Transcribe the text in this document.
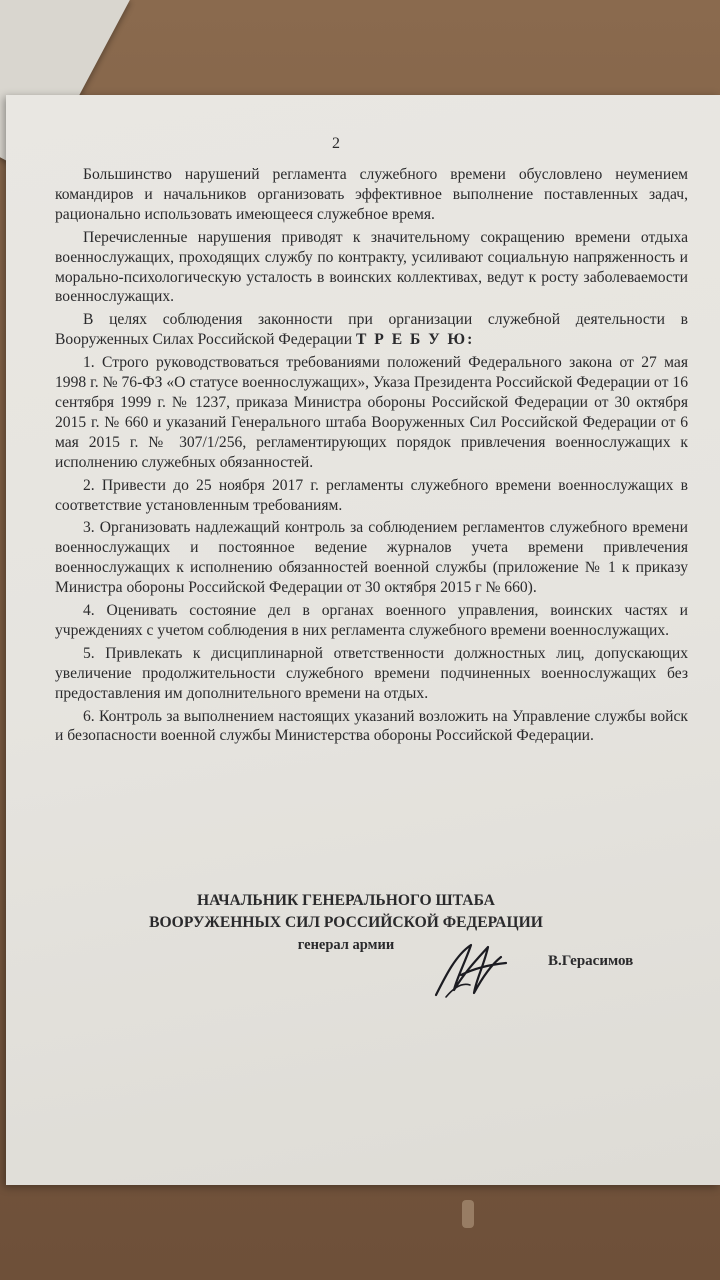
2

Большинство нарушений регламента служебного времени обусловлено неумением командиров и начальников организовать эффективное выполнение поставленных задач, рационально использовать имеющееся служебное время.

Перечисленные нарушения приводят к значительному сокращению времени отдыха военнослужащих, проходящих службу по контракту, усиливают социальную напряженность и морально-психологическую усталость в воинских коллективах, ведут к росту заболеваемости военнослужащих.

В целях соблюдения законности при организации служебной деятельности в Вооруженных Силах Российской Федерации Т Р Е Б У Ю:

1. Строго руководствоваться требованиями положений Федерального закона от 27 мая 1998 г. № 76-ФЗ «О статусе военнослужащих», Указа Президента Российской Федерации от 16 сентября 1999 г. № 1237, приказа Министра обороны Российской Федерации от 30 октября 2015 г. № 660 и указаний Генерального штаба Вооруженных Сил Российской Федерации от 6 мая 2015 г. № 307/1/256, регламентирующих порядок привлечения военнослужащих к исполнению служебных обязанностей.

2. Привести до 25 ноября 2017 г. регламенты служебного времени военнослужащих в соответствие установленным требованиям.

3. Организовать надлежащий контроль за соблюдением регламентов служебного времени военнослужащих и постоянное ведение журналов учета времени привлечения военнослужащих к исполнению обязанностей военной службы (приложение № 1 к приказу Министра обороны Российской Федерации от 30 октября 2015 г № 660).

4. Оценивать состояние дел в органах военного управления, воинских частях и учреждениях с учетом соблюдения в них регламента служебного времени военнослужащих.

5. Привлекать к дисциплинарной ответственности должностных лиц, допускающих увеличение продолжительности служебного времени подчиненных военнослужащих без предоставления им дополнительного времени на отдых.

6. Контроль за выполнением настоящих указаний возложить на Управление службы войск и безопасности военной службы Министерства обороны Российской Федерации.

НАЧАЛЬНИК ГЕНЕРАЛЬНОГО ШТАБА
ВООРУЖЕННЫХ СИЛ РОССИЙСКОЙ ФЕДЕРАЦИИ
генерал армии
В.Герасимов
